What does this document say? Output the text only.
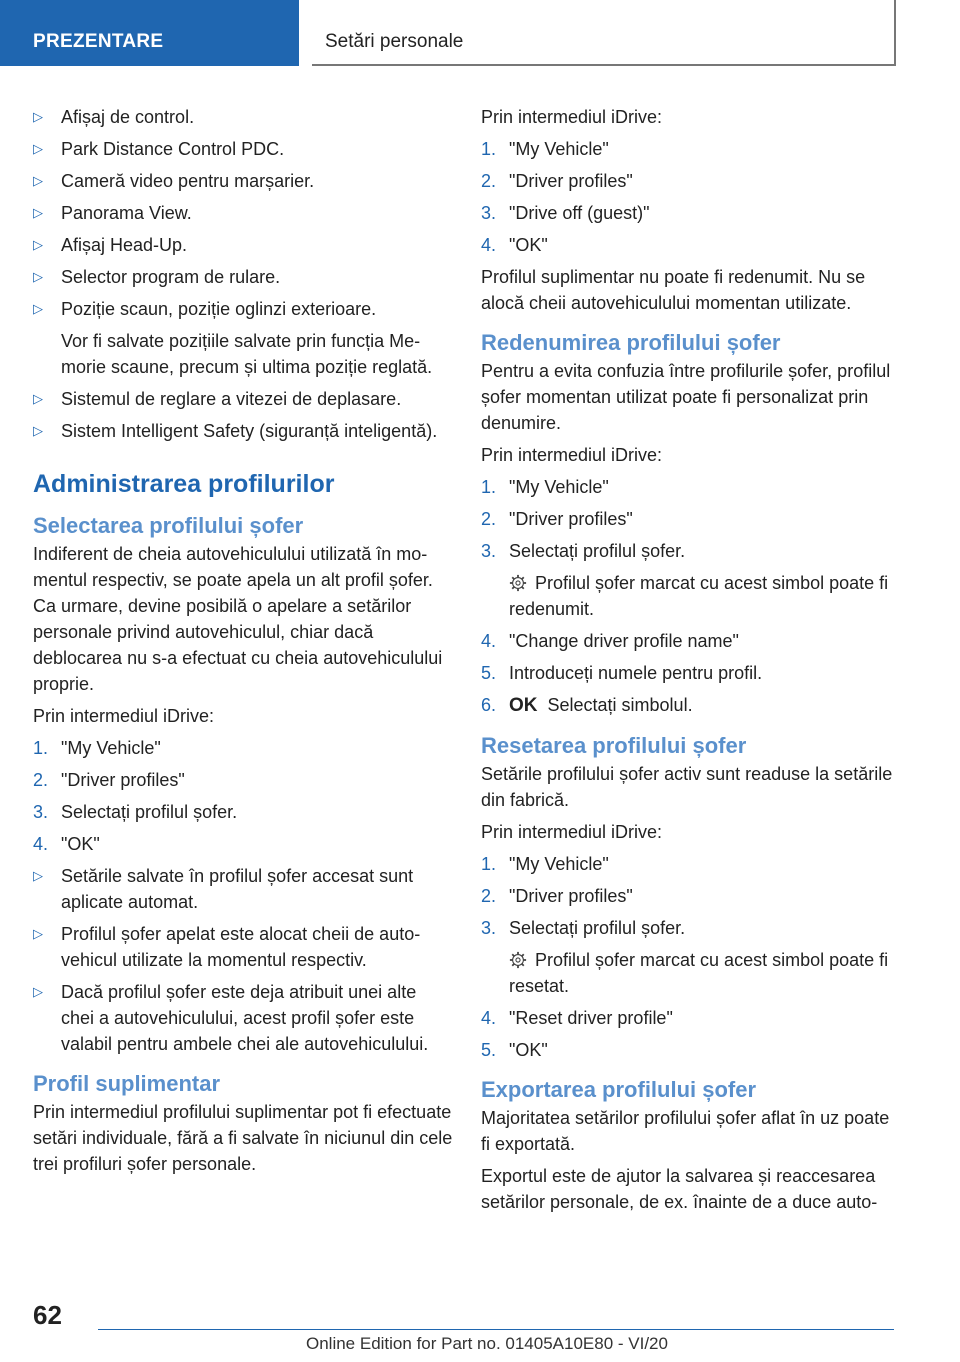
PREZENTARE	Setări personale
▷ Afișaj de control.
▷ Park Distance Control PDC.
▷ Cameră video pentru marșarier.
▷ Panorama View.
▷ Afișaj Head-Up.
▷ Selector program de rulare.
▷ Poziție scaun, poziție oglinzi exterioare.
Vor fi salvate pozițiile salvate prin funcția Memorie scaune, precum și ultima poziție reglată.
▷ Sistemul de reglare a vitezei de deplasare.
▷ Sistem Intelligent Safety (siguranță inteligentă).
Administrarea profilurilor
Selectarea profilului șofer
Indiferent de cheia autovehiculului utilizată în momentul respectiv, se poate apela un alt profil șofer. Ca urmare, devine posibilă o apelare a setărilor personale privind autovehiculul, chiar dacă deblocarea nu s-a efectuat cu cheia autovehiculului proprie.
Prin intermediul iDrive:
1. "My Vehicle"
2. "Driver profiles"
3. Selectați profilul șofer.
4. "OK"
▷ Setările salvate în profilul șofer accesat sunt aplicate automat.
▷ Profilul șofer apelat este alocat cheii de autovehicul utilizate la momentul respectiv.
▷ Dacă profilul șofer este deja atribuit unei alte chei a autovehiculului, acest profil șofer este valabil pentru ambele chei ale autovehiculului.
Profil suplimentar
Prin intermediul profilului suplimentar pot fi efectuate setări individuale, fără a fi salvate în niciunul din cele trei profiluri șofer personale.
Prin intermediul iDrive:
1. "My Vehicle"
2. "Driver profiles"
3. "Drive off (guest)"
4. "OK"
Profilul suplimentar nu poate fi redenumit. Nu se alocă cheii autovehiculului momentan utilizate.
Redenumirea profilului șofer
Pentru a evita confuzia între profilurile șofer, profilul șofer momentan utilizat poate fi personalizat prin denumire.
Prin intermediul iDrive:
1. "My Vehicle"
2. "Driver profiles"
3. Selectați profilul șofer.
Profilul șofer marcat cu acest simbol poate fi redenumit.
4. "Change driver profile name"
5. Introduceți numele pentru profil.
6. OK Selectați simbolul.
Resetarea profilului șofer
Setările profilului șofer activ sunt readuse la setările din fabrică.
Prin intermediul iDrive:
1. "My Vehicle"
2. "Driver profiles"
3. Selectați profilul șofer.
Profilul șofer marcat cu acest simbol poate fi resetat.
4. "Reset driver profile"
5. "OK"
Exportarea profilului șofer
Majoritatea setărilor profilului șofer aflat în uz poate fi exportată.
Exportul este de ajutor la salvarea și reaccesarea setărilor personale, de ex. înainte de a duce auto-
62
Online Edition for Part no. 01405A10E80 - VI/20
